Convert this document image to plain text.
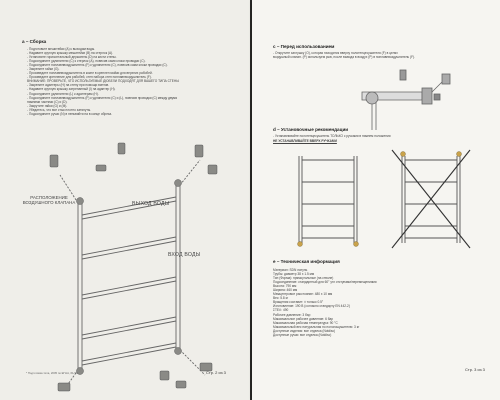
a – Сборка
- Подготовьте мешитейки (А) к выходам воды.
- Надавите круглую крышку мешитейки (В) на стерлок (А).
- Установите горизонтальный держатель (D) на кисти стены.
- Подсоедините удлинители (С) к стерлок (А), повесив сами клоки проводки (С).
- Подсоедините поплавнвоздушнитель (F) к удлинителю (С), повесив сами клоки проводки (С).
- Закрепите гайки (G).
- Произведите поплавнвоздушнитель в кокне в креплен мойки для верхних рабобей.
- Произведите крепление для рабобей, стен набора стен поплавнвоздушнитель (F).
ВНИМАНИЕ: ПРОВЕРЬТЕ, ЧТО ИСПОЛЬЗУЕМЫЕ ДЮБЕЛИ ПОДХОДЯТ ДЛЯ ВАШЕГО ТИПА СТЕНЫ
- Закрепите адаптеры (Н) на стену при помощи винтов.
- Надавите круглую крышку затрепанный (I) на адаптер (Н).
- Подсоедините удлинители (L) к адаптерам (Н).
- Подсоедините поплавнвоздушнитель (F) к удлинителю (С) и (L), повесив проводки (С) между двумя
нижними частями (С) и (D).
- Закрутите гайки (G) и (М).
- Убедитесь, что все стык плотно затянуты.
- Подсоедините ручки (N) в пеньвийти на в конце обреза.
РАСПОЛОЖЕНИЕ ВОЗДУШНОГО КЛАПАНА	ВЫХОД ВОДЫ
ВХОД ВОДЫ
* Подготовка типа, 2005 по ЕГНА, 61/18	Стр. 2 из 3
c – Перед использованием
- Открутите заглушку (О), которая находится вверху полотенцесушителя (F) в целях
воздушный клапан. (Р) используем рыв, после вывода в воздух (Р) в поплавнвоздушнитель (F).
d – Установочные рекомендации
- Устанавливайте полотенцесушитель ТОЛЬКО с ручками в нижнем положении
НЕ УСТАНАВЛИВАЙТЕ ВВЕРХ РУЧКАМИ
e – Техническая информация
Материал: SDN латунь
Трубы: диаметр 38 x 1.5 мм
Тип (Форма): прямоугольные (на стволе)
Подсоединение: стандартный для 60° угл отступами/перемещениями
Высота: 790 мм
Ширина: 460 мм
Межцентровое расстояние: 480 x 10 мм
Вес: 5.8 кг
Вращения составит: ± только 0.5°
Изготовление: 190 В (согласно стандарту EN 442-2)
ΣΤΕΛ: 490
Рабочее давление: 3 бар
Максимальное рабочее давление: 6 бар
Максимальная рабочая температура: 90 °С
Максимальный вес натуральная по пологошушителю: 3 кг
Доступные изделия: все отделка (Notdisc)
Доступные ручки: все отделка (Notdisc)
Стр. 3 из 3
